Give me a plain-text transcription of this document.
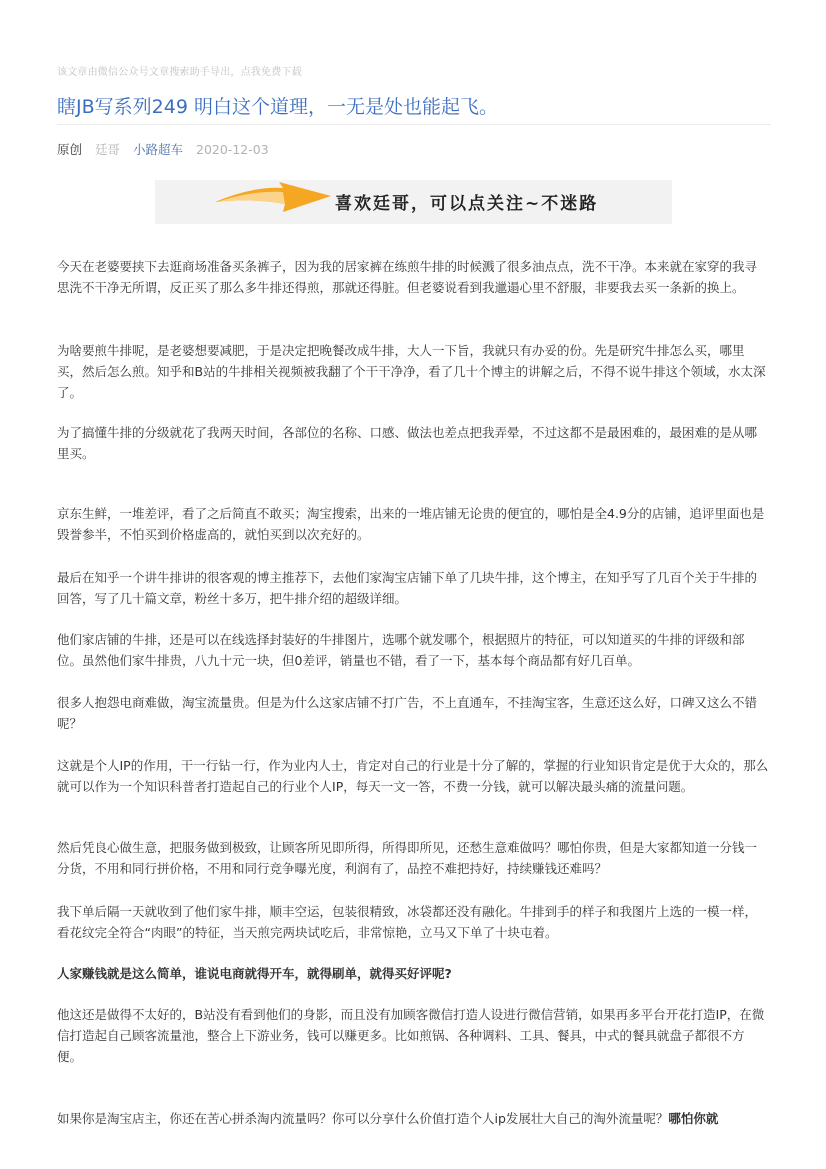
该文章由微信公众号文章搜索助手导出，点我免费下载
瞎JB写系列249 明白这个道理，一无是处也能起飞。
原创 廷哥 小路超车 2020-12-03
喜欢廷哥，可以点关注~不迷路

今天在老婆要挟下去逛商场准备买条裤子，因为我的居家裤在练煎牛排的时候溅了很多油点点，洗不干净。本来就在家穿的我寻思洗不干净无所谓，反正买了那么多牛排还得煎，那就还得脏。但老婆说看到我邋遢心里不舒服，非要我去买一条新的换上。

为啥要煎牛排呢，是老婆想要减肥，于是决定把晚餐改成牛排，大人一下旨，我就只有办妥的份。先是研究牛排怎么买，哪里买，然后怎么煎。知乎和B站的牛排相关视频被我翻了个干干净净，看了几十个博主的讲解之后，不得不说牛排这个领域，水太深了。

为了搞懂牛排的分级就花了我两天时间，各部位的名称、口感、做法也差点把我弄晕，不过这都不是最困难的，最困难的是从哪里买。

京东生鲜，一堆差评，看了之后简直不敢买；淘宝搜索，出来的一堆店铺无论贵的便宜的，哪怕是全4.9分的店铺，追评里面也是毁誉参半，不怕买到价格虚高的，就怕买到以次充好的。

最后在知乎一个讲牛排讲的很客观的博主推荐下，去他们家淘宝店铺下单了几块牛排，这个博主，在知乎写了几百个关于牛排的回答，写了几十篇文章，粉丝十多万，把牛排介绍的超级详细。

他们家店铺的牛排，还是可以在线选择封装好的牛排图片，选哪个就发哪个，根据照片的特征，可以知道买的牛排的评级和部位。虽然他们家牛排贵，八九十元一块，但0差评，销量也不错，看了一下，基本每个商品都有好几百单。

很多人抱怨电商难做，淘宝流量贵。但是为什么这家店铺不打广告，不上直通车，不挂淘宝客，生意还这么好，口碑又这么不错呢？

这就是个人IP的作用，干一行钻一行，作为业内人士，肯定对自己的行业是十分了解的，掌握的行业知识肯定是优于大众的，那么就可以作为一个知识科普者打造起自己的行业个人IP，每天一文一答，不费一分钱，就可以解决最头痛的流量问题。

然后凭良心做生意，把服务做到极致，让顾客所见即所得，所得即所见，还愁生意难做吗？哪怕你贵，但是大家都知道一分钱一分货，不用和同行拼价格，不用和同行竞争曝光度，利润有了，品控不难把持好，持续赚钱还难吗？

我下单后隔一天就收到了他们家牛排，顺丰空运，包装很精致，冰袋都还没有融化。牛排到手的样子和我图片上选的一模一样，看花纹完全符合“肉眼”的特征，当天煎完两块试吃后，非常惊艳，立马又下单了十块屯着。

人家赚钱就是这么简单，谁说电商就得开车，就得刷单，就得买好评呢?

他这还是做得不太好的，B站没有看到他们的身影，而且没有加顾客微信打造人设进行微信营销，如果再多平台开花打造IP，在微信打造起自己顾客流量池，整合上下游业务，钱可以赚更多。比如煎锅、各种调料、工具、餐具，中式的餐具就盘子都很不方便。

如果你是淘宝店主，你还在苦心拼杀淘内流量吗？你可以分享什么价值打造个人ip发展壮大自己的淘外流量呢？哪怕你就
